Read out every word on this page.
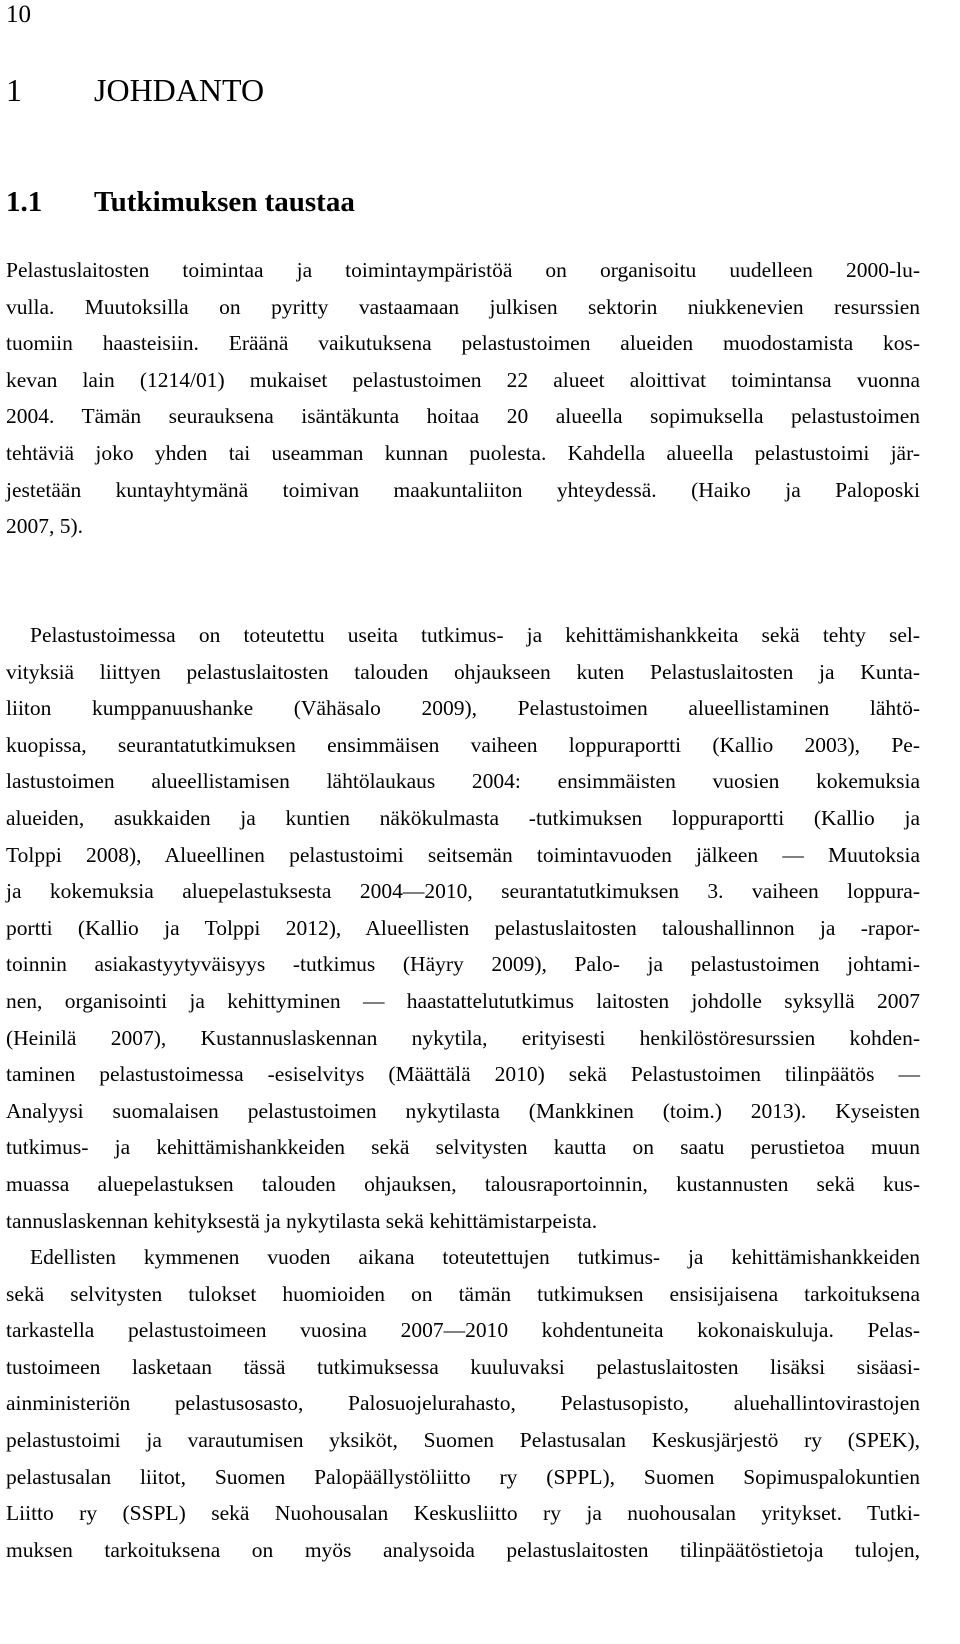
10
1 JOHDANTO
1.1 Tutkimuksen taustaa
Pelastuslaitosten toimintaa ja toimintaympäristöä on organisoitu uudelleen 2000-lu-
vulla. Muutoksilla on pyritty vastaamaan julkisen sektorin niukkenevien resurssien
tuomiin haasteisiin. Eräänä vaikutuksena pelastustoimen alueiden muodostamista kos-
kevan lain (1214/01) mukaiset pelastustoimen 22 alueet aloittivat toimintansa vuonna
2004. Tämän seurauksena isäntäkunta hoitaa 20 alueella sopimuksella pelastustoimen
tehtäviä joko yhden tai useamman kunnan puolesta. Kahdella alueella pelastustoimi jär-
jestetään kuntayhtymänä toimivan maakuntaliiton yhteydessä. (Haiko ja Paloposki
2007, 5).
Pelastustoimessa on toteutettu useita tutkimus- ja kehittämishankkeita sekä tehty sel-
vityksiä liittyen pelastuslaitosten talouden ohjaukseen kuten Pelastuslaitosten ja Kunta-
liiton kumppanuushanke (Vähäsalo 2009), Pelastustoimen alueellistaminen lähtö-
kuopissa, seurantatutkimuksen ensimmäisen vaiheen loppuraportti (Kallio 2003), Pe-
lastustoimen alueellistamisen lähtölaukaus 2004: ensimmäisten vuosien kokemuksia
alueiden, asukkaiden ja kuntien näkökulmasta -tutkimuksen loppuraportti (Kallio ja
Tolppi 2008), Alueellinen pelastustoimi seitsemän toimintavuoden jälkeen — Muutoksia
ja kokemuksia aluepelastuksesta 2004—2010, seurantatutkimuksen 3. vaiheen loppura-
portti (Kallio ja Tolppi 2012), Alueellisten pelastuslaitosten taloushallinnon ja -rapor-
toinnin asiakastyytyväisyys -tutkimus (Häyry 2009), Palo- ja pelastustoimen johtami-
nen, organisointi ja kehittyminen — haastattelututkimus laitosten johdolle syksyllä 2007
(Heinilä 2007), Kustannuslaskennan nykytila, erityisesti henkilöstöresurssien kohden-
taminen pelastustoimessa -esiselvitys (Määttälä 2010) sekä Pelastustoimen tilinpäätös —
Analyysi suomalaisen pelastustoimen nykytilasta (Mankkinen (toim.) 2013). Kyseisten
tutkimus- ja kehittämishankkeiden sekä selvitysten kautta on saatu perustietoa muun
muassa aluepelastuksen talouden ohjauksen, talousraportoinnin, kustannusten sekä kus-
tannuslaskennan kehityksestä ja nykytilasta sekä kehittämistarpeista.
Edellisten kymmenen vuoden aikana toteutettujen tutkimus- ja kehittämishankkeiden
sekä selvitysten tulokset huomioiden on tämän tutkimuksen ensisijaisena tarkoituksena
tarkastella pelastustoimeen vuosina 2007—2010 kohdentuneita kokonaiskuluja. Pelas-
tustoimeen lasketaan tässä tutkimuksessa kuuluvaksi pelastuslaitosten lisäksi sisäasi-
ainministeriön pelastusosasto, Palosuojelurahasto, Pelastusopisto, aluehallintovirastojen
pelastustoimi ja varautumisen yksiköt, Suomen Pelastusalan Keskusjärjestö ry (SPEK),
pelastusalan liitot, Suomen Palopäällystöliitto ry (SPPL), Suomen Sopimuspalokuntien
Liitto ry (SSPL) sekä Nuohousalan Keskusliitto ry ja nuohousalan yritykset. Tutki-
muksen tarkoituksena on myös analysoida pelastuslaitosten tilinpäätöstietoja tulojen,
